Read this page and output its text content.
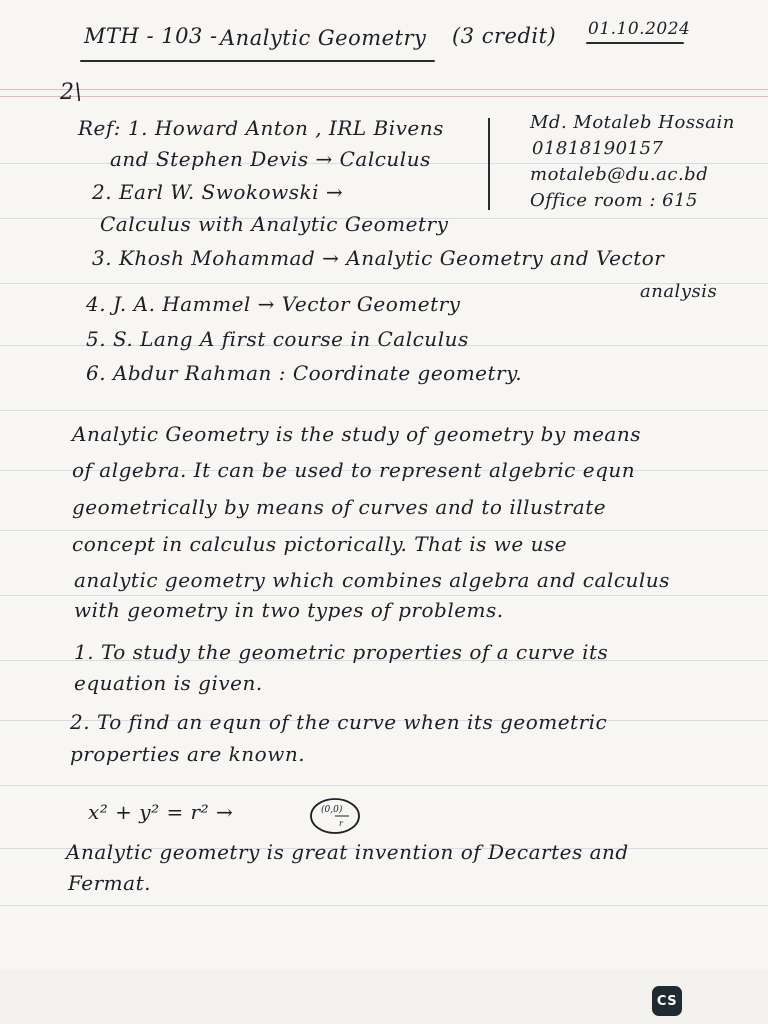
MTH - 103 - Analytic Geometry (3 credit) 01.10.2024
2\
Ref: 1. Howard Anton , IRL Bivens
and Stephen Devis → Calculus
2. Earl W. Swokowski →
Calculus with Analytic Geometry
3. Khosh Mohammad → Analytic Geometry and Vector
analysis
4. J. A. Hammel → Vector Geometry
5. S. Lang A first course in Calculus
6. Abdur Rahman : Coordinate geometry.
Md. Motaleb Hossain
01818190157
motaleb@du.ac.bd
Office room : 615
Analytic Geometry is the study of geometry by means
of algebra. It can be used to represent algebric equn
geometrically by means of curves and to illustrate
concept in calculus pictorically. That is we use
analytic geometry which combines algebra and calculus
with geometry in two types of problems.
1. To study the geometric properties of a curve its
equation is given.
2. To find an equn of the curve when its geometric
properties are known.
x² + y² = r² →	(0,0)
r
Analytic geometry is great invention of Decartes and
Fermat.
CS
